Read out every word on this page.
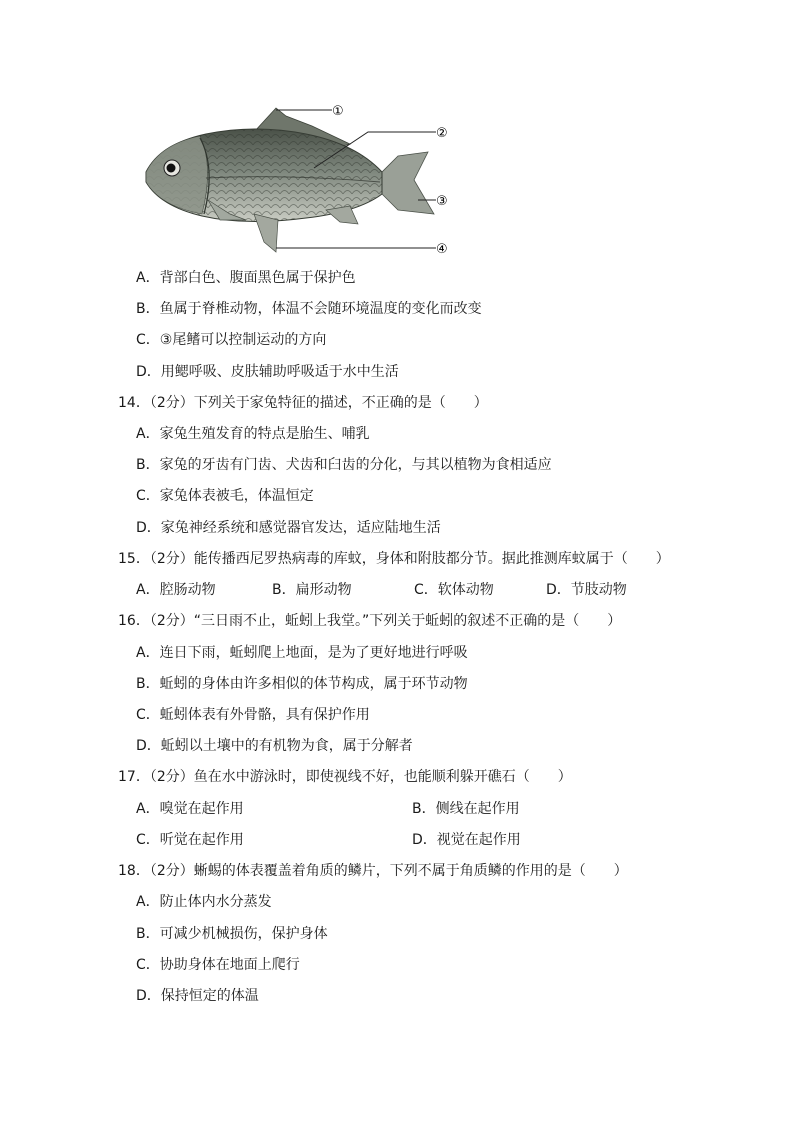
①
②
③
④
A．背部白色、腹面黑色属于保护色
B．鱼属于脊椎动物，体温不会随环境温度的变化而改变
C．③尾鳍可以控制运动的方向
D．用鳃呼吸、皮肤辅助呼吸适于水中生活
14．（2分）下列关于家兔特征的描述，不正确的是（　　）
A．家兔生殖发育的特点是胎生、哺乳
B．家兔的牙齿有门齿、犬齿和臼齿的分化，与其以植物为食相适应
C．家兔体表被毛，体温恒定
D．家兔神经系统和感觉器官发达，适应陆地生活
15．（2分）能传播西尼罗热病毒的库蚊，身体和附肢都分节。据此推测库蚊属于（　　）
A．腔肠动物	B．扁形动物	C．软体动物	D．节肢动物
16．（2分）“三日雨不止，蚯蚓上我堂。”下列关于蚯蚓的叙述不正确的是（　　）
A．连日下雨，蚯蚓爬上地面，是为了更好地进行呼吸
B．蚯蚓的身体由许多相似的体节构成，属于环节动物
C．蚯蚓体表有外骨骼，具有保护作用
D．蚯蚓以土壤中的有机物为食，属于分解者
17．（2分）鱼在水中游泳时，即使视线不好，也能顺利躲开礁石（　　）
A．嗅觉在起作用	B．侧线在起作用
C．听觉在起作用	D．视觉在起作用
18．（2分）蜥蜴的体表覆盖着角质的鳞片，下列不属于角质鳞的作用的是（　　）
A．防止体内水分蒸发
B．可减少机械损伤，保护身体
C．协助身体在地面上爬行
D．保持恒定的体温
